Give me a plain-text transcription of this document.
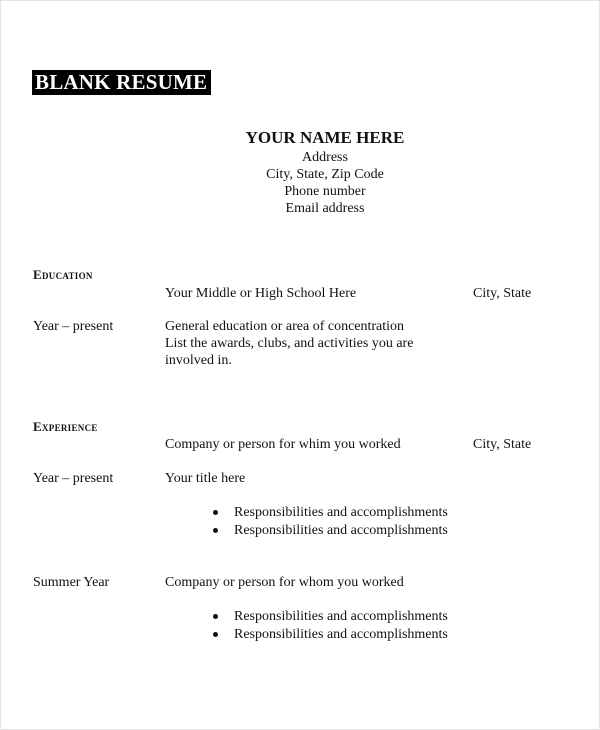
BLANK RESUME
YOUR NAME HERE
Address
City, State, Zip Code
Phone number
Email address
Education
Your Middle or High School Here	City, State
Year – present	General education or area of concentration
List the awards, clubs, and activities you are
involved in.
Experience
Company or person for whim you worked	City, State
Year – present	Your title here
Responsibilities and accomplishments
Responsibilities and accomplishments
Summer Year	Company or person for whom you worked
Responsibilities and accomplishments
Responsibilities and accomplishments
